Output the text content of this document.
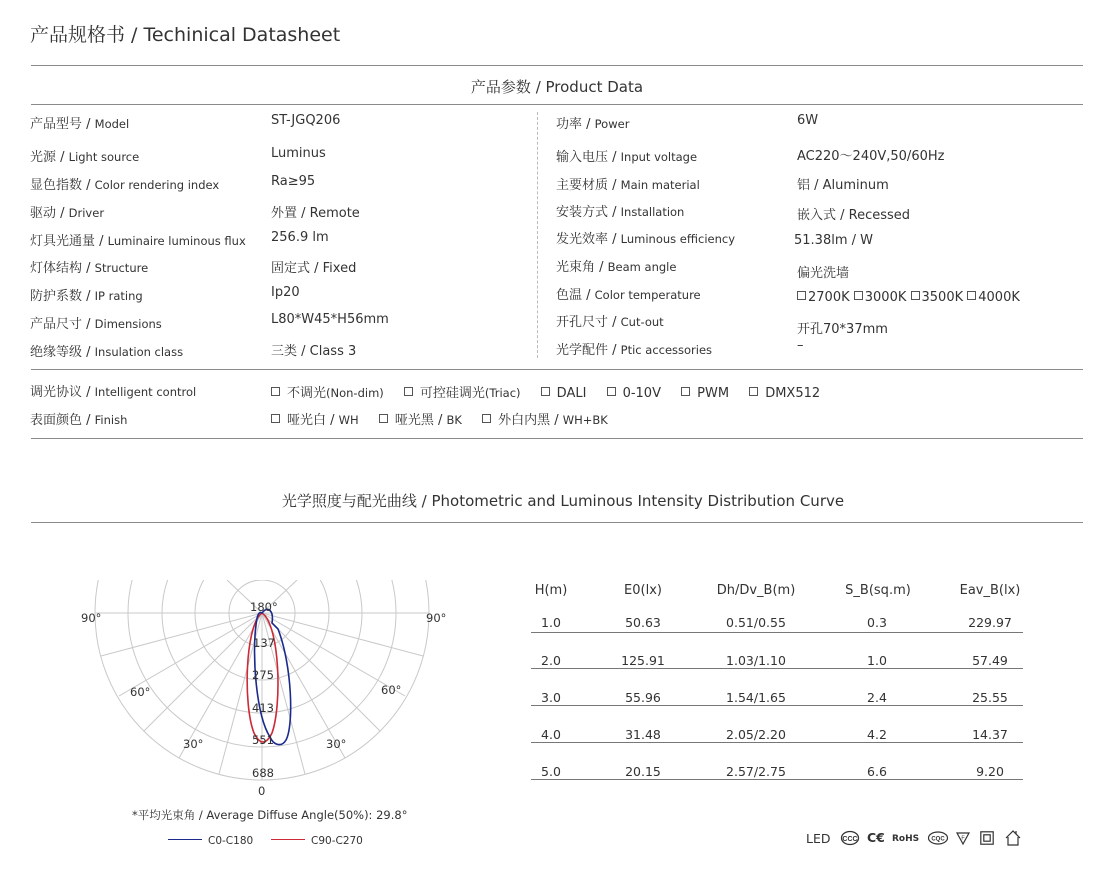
产品规格书 / Techinical Datasheet
产品参数 / Product Data
产品型号 / Model	ST-JGQ206
光源 / Light source	Luminus
显色指数 / Color rendering index	Ra≥95
驱动 / Driver	外置 / Remote
灯具光通量 / Luminaire luminous flux 256.9 lm
灯体结构 / Structure	固定式 / Fixed
防护系数 / IP rating	Ip20
产品尺寸 / Dimensions	L80*W45*H56mm
绝缘等级 / Insulation class	三类 / Class 3
功率 / Power	6W
输入电压 / Input voltage	AC220～240V,50/60Hz
主要材质 / Main material	铝 / Aluminum
安装方式 / Installation	嵌入式 / Recessed
发光效率 / Luminous efficiency	51.38lm / W
光束角 / Beam angle	偏光洗墙
色温 / Color temperature	2700K 3000K 3500K 4000K
开孔尺寸 / Cut-out	开孔70*37mm
光学配件 / Ptic accessories	–
调光协议 / Intelligent control	不调光(Non-dim)	可控硅调光(Triac)	DALI	0-10V	PWM	DMX512
表面颜色 / Finish	哑光白 / WH	哑光黑 / BK	外白内黑 / WH+BK
光学照度与配光曲线 / Photometric and Luminous Intensity Distribution Curve
90°	90°
60°	60°
30°	30°
180°
0
137
275
413
551
688
*平均光束角 / Average Diffuse Angle(50%): 29.8°
C0-C180	C90-C270
H(m)	E0(lx)	Dh/Dv_B(m)	S_B(sq.m)	Eav_B(lx)
1.0	50.63	0.51/0.55	0.3	229.97
2.0	125.91	1.03/1.10	1.0	57.49
3.0	55.96	1.54/1.65	2.4	25.55
4.0	31.48	2.05/2.20	4.2	14.37
5.0	20.15	2.57/2.75	6.6	9.20
LED CCC C€ RoHS CQC	F
